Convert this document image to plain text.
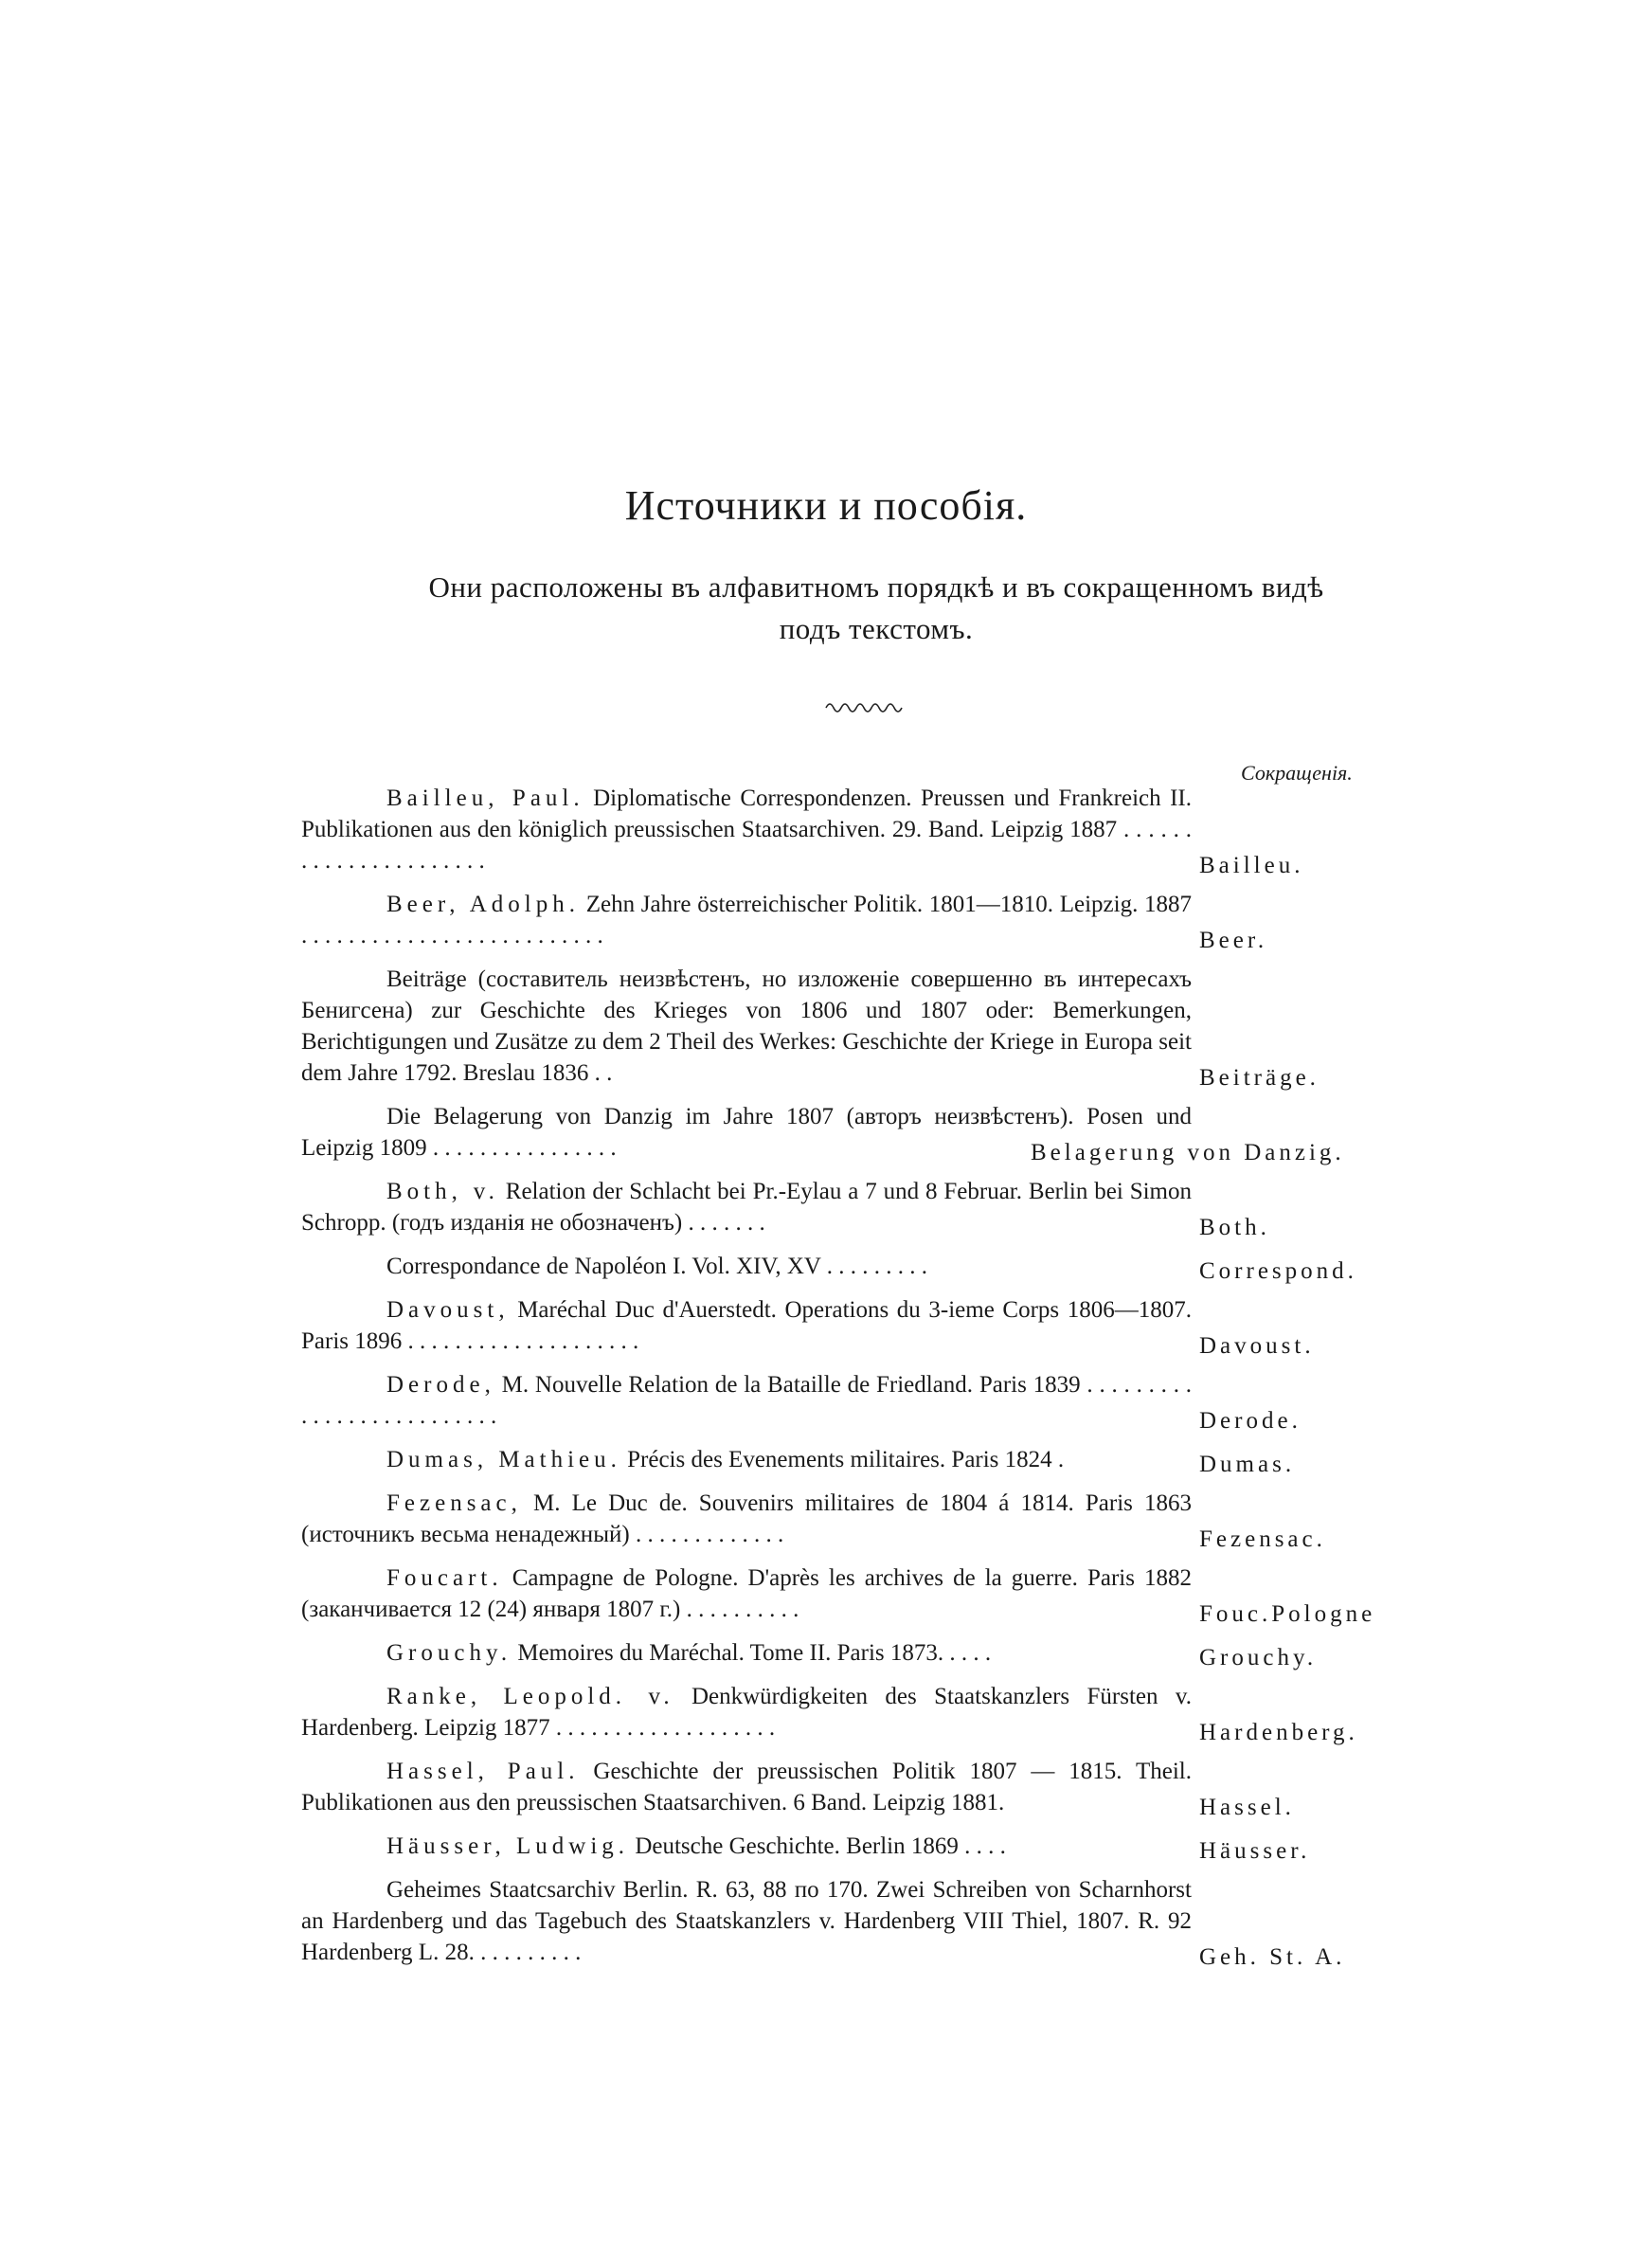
Источники и пособія.
Они расположены въ алфавитномъ порядкѣ и въ сокращенномъ видѣ
подъ текстомъ.
Сокращенія.
Bailleu, Paul. Diplomatische Correspondenzen. Preussen und Frankreich II. Publikationen aus den königlich preussischen Staatsarchiven. 29. Band. Leipzig 1887 . . . . . . . . . . . . . . . . . . . . . .	Bailleu.
Beer, Adolph. Zehn Jahre österreichischer Politik. 1801—1810. Leipzig. 1887 . . . . . . . . . . . . . . . . . . . . . . . . . .	Beer.
Beiträge (составитель неизвѣстенъ, но изложеніе совершенно въ интересахъ Бенигсена) zur Geschichte des Krieges von 1806 und 1807 oder: Bemerkungen, Berichtigungen und Zusätze zu dem 2 Theil des Werkes: Geschichte der Kriege in Europa seit dem Jahre 1792. Breslau 1836 . .	Beiträge.
Die Belagerung von Danzig im Jahre 1807 (авторъ неизвѣстенъ). Posen und Leipzig 1809 . . . . . . . . . . . . . . . .	Belagerung von Danzig.
Both, v. Relation der Schlacht bei Pr.-Eylau a 7 und 8 Februar. Berlin bei Simon Schropp. (годъ изданія не обозначенъ) . . . . . . .	Both.
Correspondance de Napoléon I. Vol. XIV, XV . . . . . . . . .	Correspond.
Davoust, Maréchal Duc d'Auerstedt. Operations du 3-ieme Corps 1806—1807. Paris 1896 . . . . . . . . . . . . . . . . . . . .	Davoust.
Derode, M. Nouvelle Relation de la Bataille de Friedland. Paris 1839 . . . . . . . . . . . . . . . . . . . . . . . . . .	Derode.
Dumas, Mathieu. Précis des Evenements militaires. Paris 1824 .	Dumas.
Fezensac, M. Le Duc de. Souvenirs militaires de 1804 á 1814. Paris 1863 (источникъ весьма ненадежный) . . . . . . . . . . . . .	Fezensac.
Foucart. Campagne de Pologne. D'après les archives de la guerre. Paris 1882 (заканчивается 12 (24) января 1807 г.) . . . . . . . . . .	Fouc.Pologne
Grouchy. Memoires du Maréchal. Tome II. Paris 1873. . . . .	Grouchy.
Ranke, Leopold. v. Denkwürdigkeiten des Staatskanzlers Fürsten v. Hardenberg. Leipzig 1877 . . . . . . . . . . . . . . . . . . .	Hardenberg.
Hassel, Paul. Geschichte der preussischen Politik 1807 — 1815. Theil. Publikationen aus den preussischen Staatsarchiven. 6 Band. Leipzig 1881.	Hassel.
Häusser, Ludwig. Deutsche Geschichte. Berlin 1869 . . . .	Häusser.
Geheimes Staatcsarchiv Berlin. R. 63, 88 по 170. Zwei Schreiben von Scharnhorst an Hardenberg und das Tagebuch des Staatskanzlers v. Hardenberg VIII Thiel, 1807. R. 92 Hardenberg L. 28. . . . . . . . . .	Geh. St. A.
